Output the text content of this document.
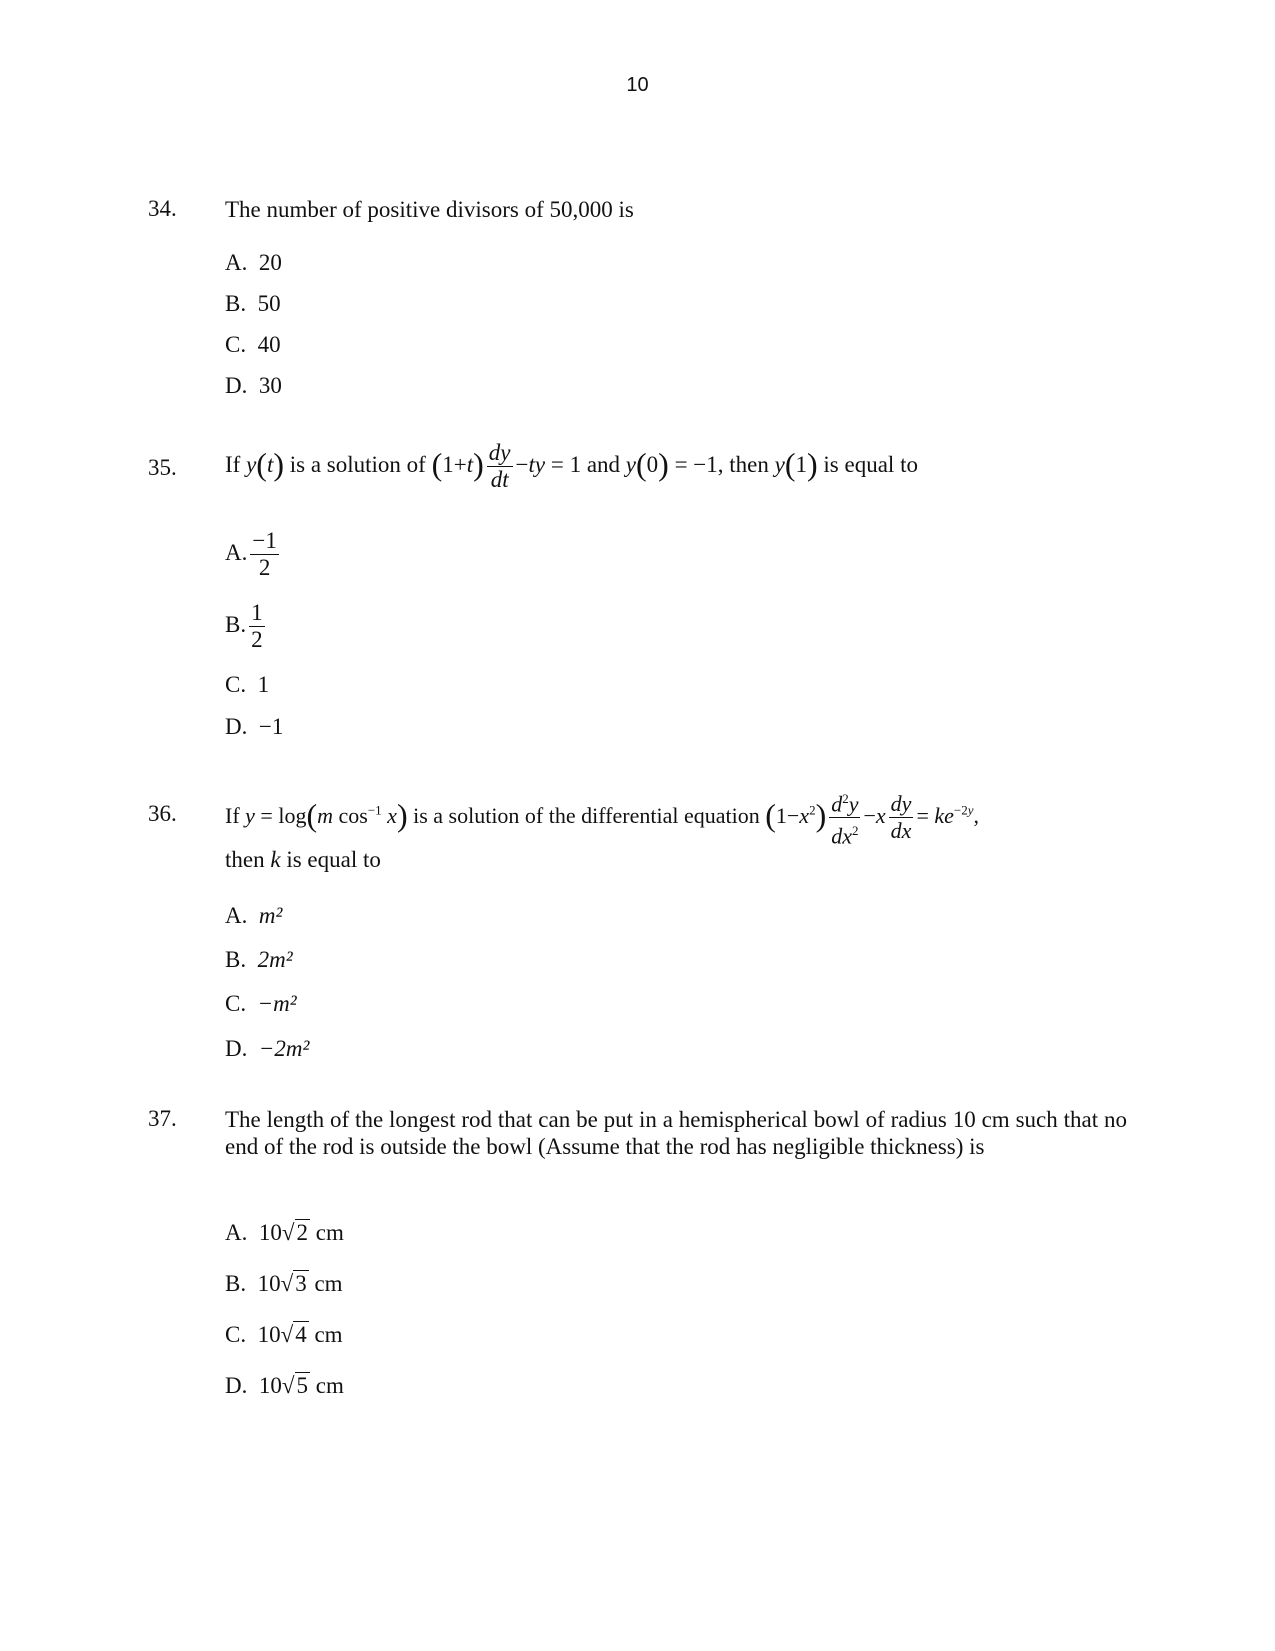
10
34. The number of positive divisors of 50,000 is
A. 20
B. 50
C. 40
D. 30
35. If y(t) is a solution of $(1+t) \frac{dy}{dt} -ty = 1$ and y(0) = −1, then y(1) is equal to
A. $\frac{-1}{2}$
B. $\frac{1}{2}$
C. 1
D. −1
36. If y = log(m $\cos^{-1} x$) is a solution of the differential equation $(1-x^2) \frac{d^2y}{dx^2} -x \frac{dy}{dx} = ke^{-2y}$,
then k is equal to
A. m²
B. 2m²
C. −m²
D. −2m²
37. The length of the longest rod that can be put in a hemispherical bowl of radius 10 cm such that no end of the rod is outside the bowl (Assume that the rod has negligible thickness) is
A. 10√2 cm
B. 10√3 cm
C. 10√4 cm
D. 10√5 cm
